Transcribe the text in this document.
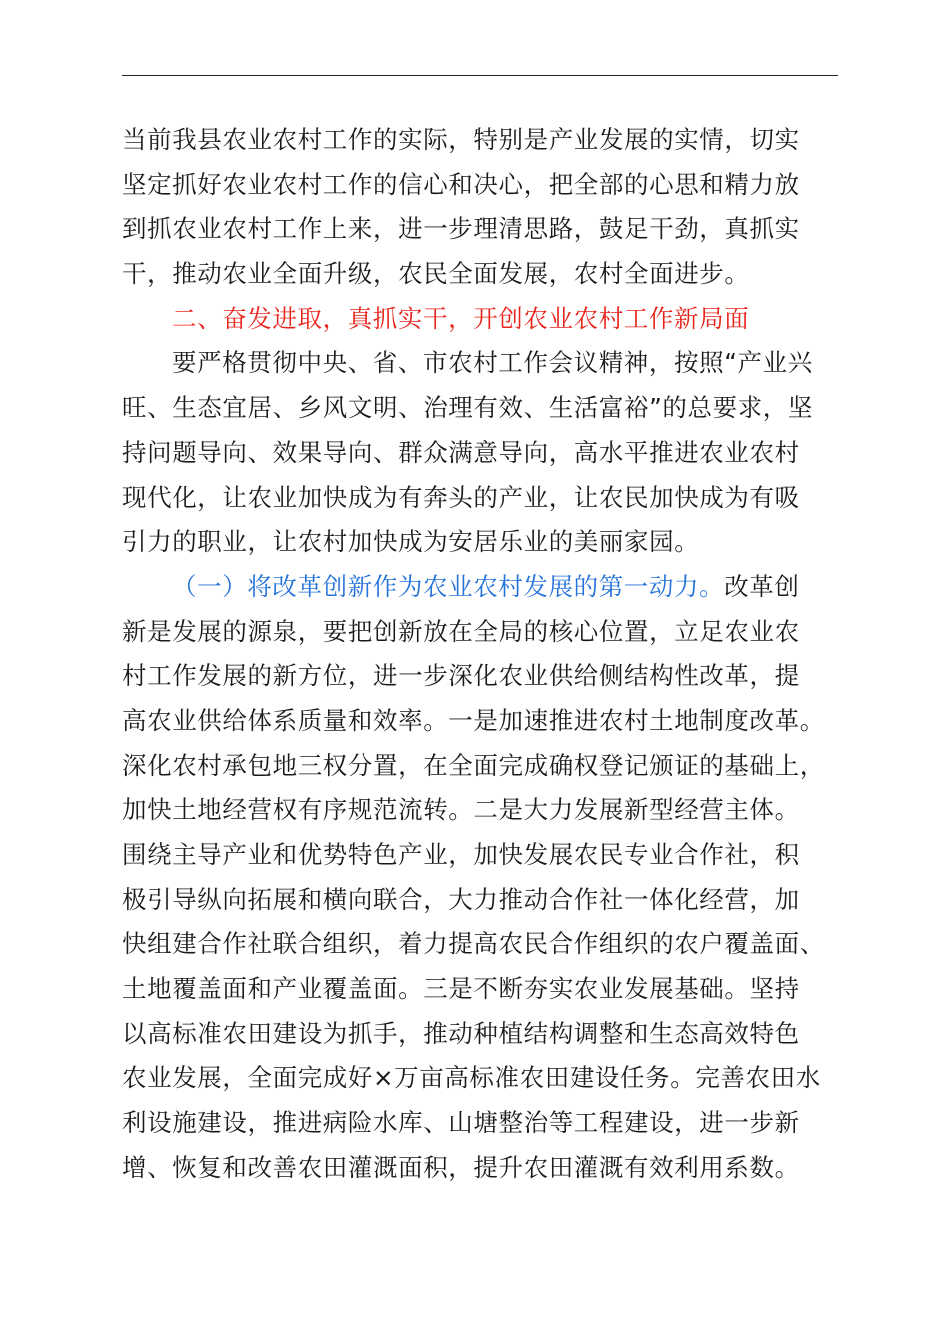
当前我县农业农村工作的实际，特别是产业发展的实情，切实
坚定抓好农业农村工作的信心和决心，把全部的心思和精力放
到抓农业农村工作上来，进一步理清思路，鼓足干劲，真抓实
干，推动农业全面升级，农民全面发展，农村全面进步。
二、奋发进取，真抓实干，开创农业农村工作新局面
要严格贯彻中央、省、市农村工作会议精神，按照“产业兴
旺、生态宜居、乡风文明、治理有效、生活富裕”的总要求，坚
持问题导向、效果导向、群众满意导向，高水平推进农业农村
现代化，让农业加快成为有奔头的产业，让农民加快成为有吸
引力的职业，让农村加快成为安居乐业的美丽家园。
（一）将改革创新作为农业农村发展的第一动力。改革创
新是发展的源泉，要把创新放在全局的核心位置，立足农业农
村工作发展的新方位，进一步深化农业供给侧结构性改革，提
高农业供给体系质量和效率。一是加速推进农村土地制度改革。
深化农村承包地三权分置，在全面完成确权登记颁证的基础上，
加快土地经营权有序规范流转。二是大力发展新型经营主体。
围绕主导产业和优势特色产业，加快发展农民专业合作社，积
极引导纵向拓展和横向联合，大力推动合作社一体化经营，加
快组建合作社联合组织，着力提高农民合作组织的农户覆盖面、
土地覆盖面和产业覆盖面。三是不断夯实农业发展基础。坚持
以高标准农田建设为抓手，推动种植结构调整和生态高效特色
农业发展，全面完成好×万亩高标准农田建设任务。完善农田水
利设施建设，推进病险水库、山塘整治等工程建设，进一步新
增、恢复和改善农田灌溉面积，提升农田灌溉有效利用系数。
